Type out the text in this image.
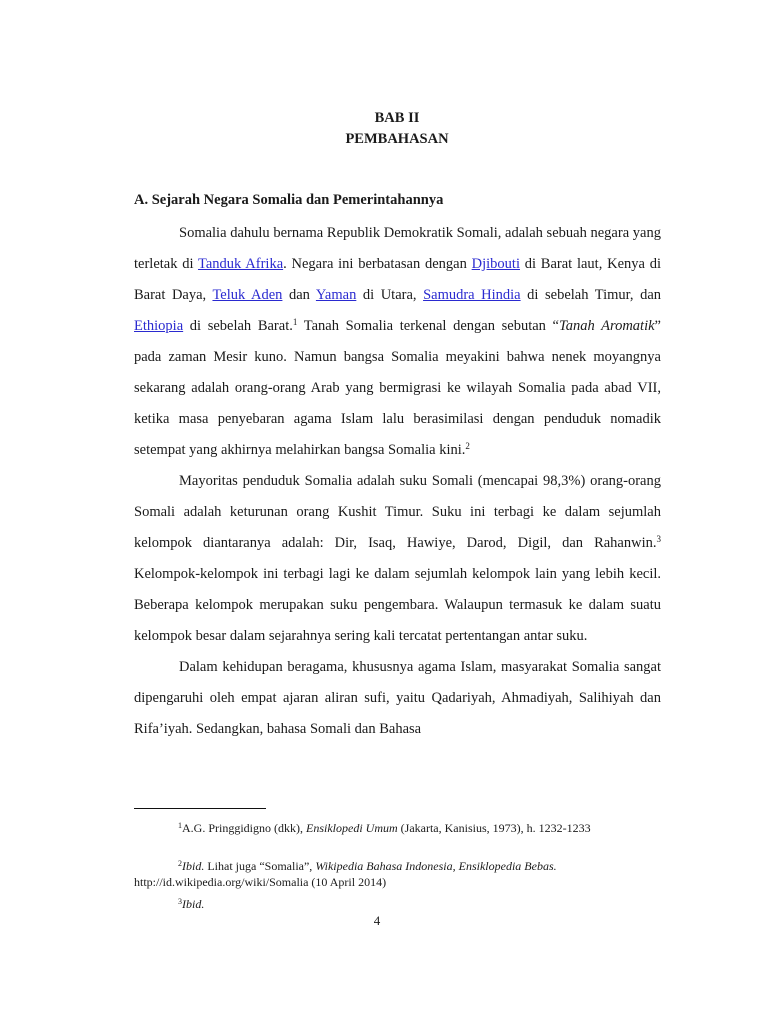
BAB II
PEMBAHASAN
A. Sejarah Negara Somalia dan Pemerintahannya

Somalia dahulu bernama Republik Demokratik Somali, adalah sebuah negara yang terletak di Tanduk Afrika. Negara ini berbatasan dengan Djibouti di Barat laut, Kenya di Barat Daya, Teluk Aden dan Yaman di Utara, Samudra Hindia di sebelah Timur, dan Ethiopia di sebelah Barat.$^1$ Tanah Somalia terkenal dengan sebutan “Tanah Aromatik” pada zaman Mesir kuno. Namun bangsa Somalia meyakini bahwa nenek moyangnya sekarang adalah orang-orang Arab yang bermigrasi ke wilayah Somalia pada abad VII, ketika masa penyebaran agama Islam lalu berasimilasi dengan penduduk nomadik setempat yang akhirnya melahirkan bangsa Somalia kini.$^2$

Mayoritas penduduk Somalia adalah suku Somali (mencapai 98,3%) orang-orang Somali adalah keturunan orang Kushit Timur. Suku ini terbagi ke dalam sejumlah kelompok diantaranya adalah: Dir, Isaq, Hawiye, Darod, Digil, dan Rahanwin.$^3$ Kelompok-kelompok ini terbagi lagi ke dalam sejumlah kelompok lain yang lebih kecil. Beberapa kelompok merupakan suku pengembara. Walaupun termasuk ke dalam suatu kelompok besar dalam sejarahnya sering kali tercatat pertentangan antar suku.

Dalam kehidupan beragama, khususnya agama Islam, masyarakat Somalia sangat dipengaruhi oleh empat ajaran aliran sufi, yaitu Qadariyah, Ahmadiyah, Salihiyah dan Rifa’iyah. Sedangkan, bahasa Somali dan Bahasa

$^1$A.G. Pringgidigno (dkk), Ensiklopedi Umum (Jakarta, Kanisius, 1973), h. 1232-1233

$^2$Ibid. Lihat juga “Somalia”, Wikipedia Bahasa Indonesia, Ensiklopedia Bebas. http://id.wikipedia.org/wiki/Somalia (10 April 2014)

$^3$Ibid.

4
